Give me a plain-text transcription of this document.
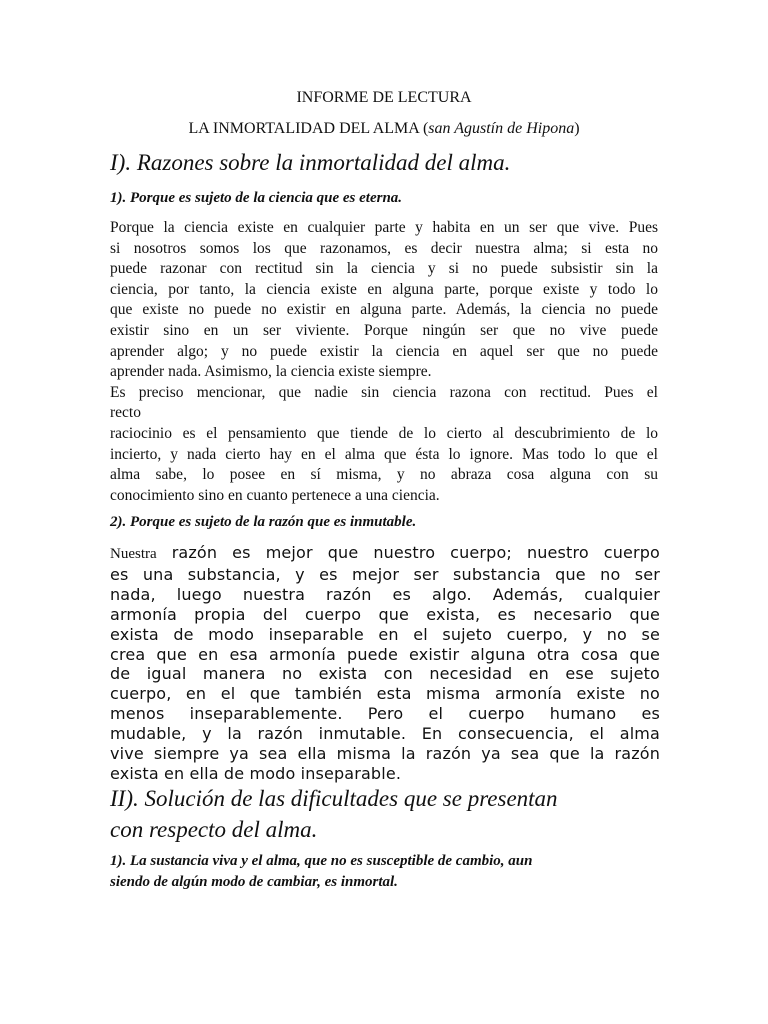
INFORME DE LECTURA
LA INMORTALIDAD DEL ALMA (san Agustín de Hipona)
I). Razones sobre la inmortalidad del alma.
1). Porque es sujeto de la ciencia que es eterna.
Porque la ciencia existe en cualquier parte y habita en un ser que vive. Pues
si nosotros somos los que razonamos, es decir nuestra alma; si esta no
puede razonar con rectitud sin la ciencia y si no puede subsistir sin la
ciencia, por tanto, la ciencia existe en alguna parte, porque existe y todo lo
que existe no puede no existir en alguna parte. Además, la ciencia no puede
existir sino en un ser viviente. Porque ningún ser que no vive puede
aprender algo; y no puede existir la ciencia en aquel ser que no puede
aprender nada. Asimismo, la ciencia existe siempre.
Es preciso mencionar, que nadie sin ciencia razona con rectitud. Pues el
recto
raciocinio es el pensamiento que tiende de lo cierto al descubrimiento de lo
incierto, y nada cierto hay en el alma que ésta lo ignore. Mas todo lo que el
alma sabe, lo posee en sí misma, y no abraza cosa alguna con su
conocimiento sino en cuanto pertenece a una ciencia.
2). Porque es sujeto de la razón que es inmutable.
Nuestra razón es mejor que nuestro cuerpo; nuestro cuerpo
es una substancia, y es mejor ser substancia que no ser
nada, luego nuestra razón es algo. Además, cualquier
armonía propia del cuerpo que exista, es necesario que
exista de modo inseparable en el sujeto cuerpo, y no se
crea que en esa armonía puede existir alguna otra cosa que
de igual manera no exista con necesidad en ese sujeto
cuerpo, en el que también esta misma armonía existe no
menos inseparablemente. Pero el cuerpo humano es
mudable, y la razón inmutable. En consecuencia, el alma
vive siempre ya sea ella misma la razón ya sea que la razón
exista en ella de modo inseparable.
II). Solución de las dificultades que se presentan
con respecto del alma.
1). La sustancia viva y el alma, que no es susceptible de cambio, aun
siendo de algún modo de cambiar, es inmortal.
